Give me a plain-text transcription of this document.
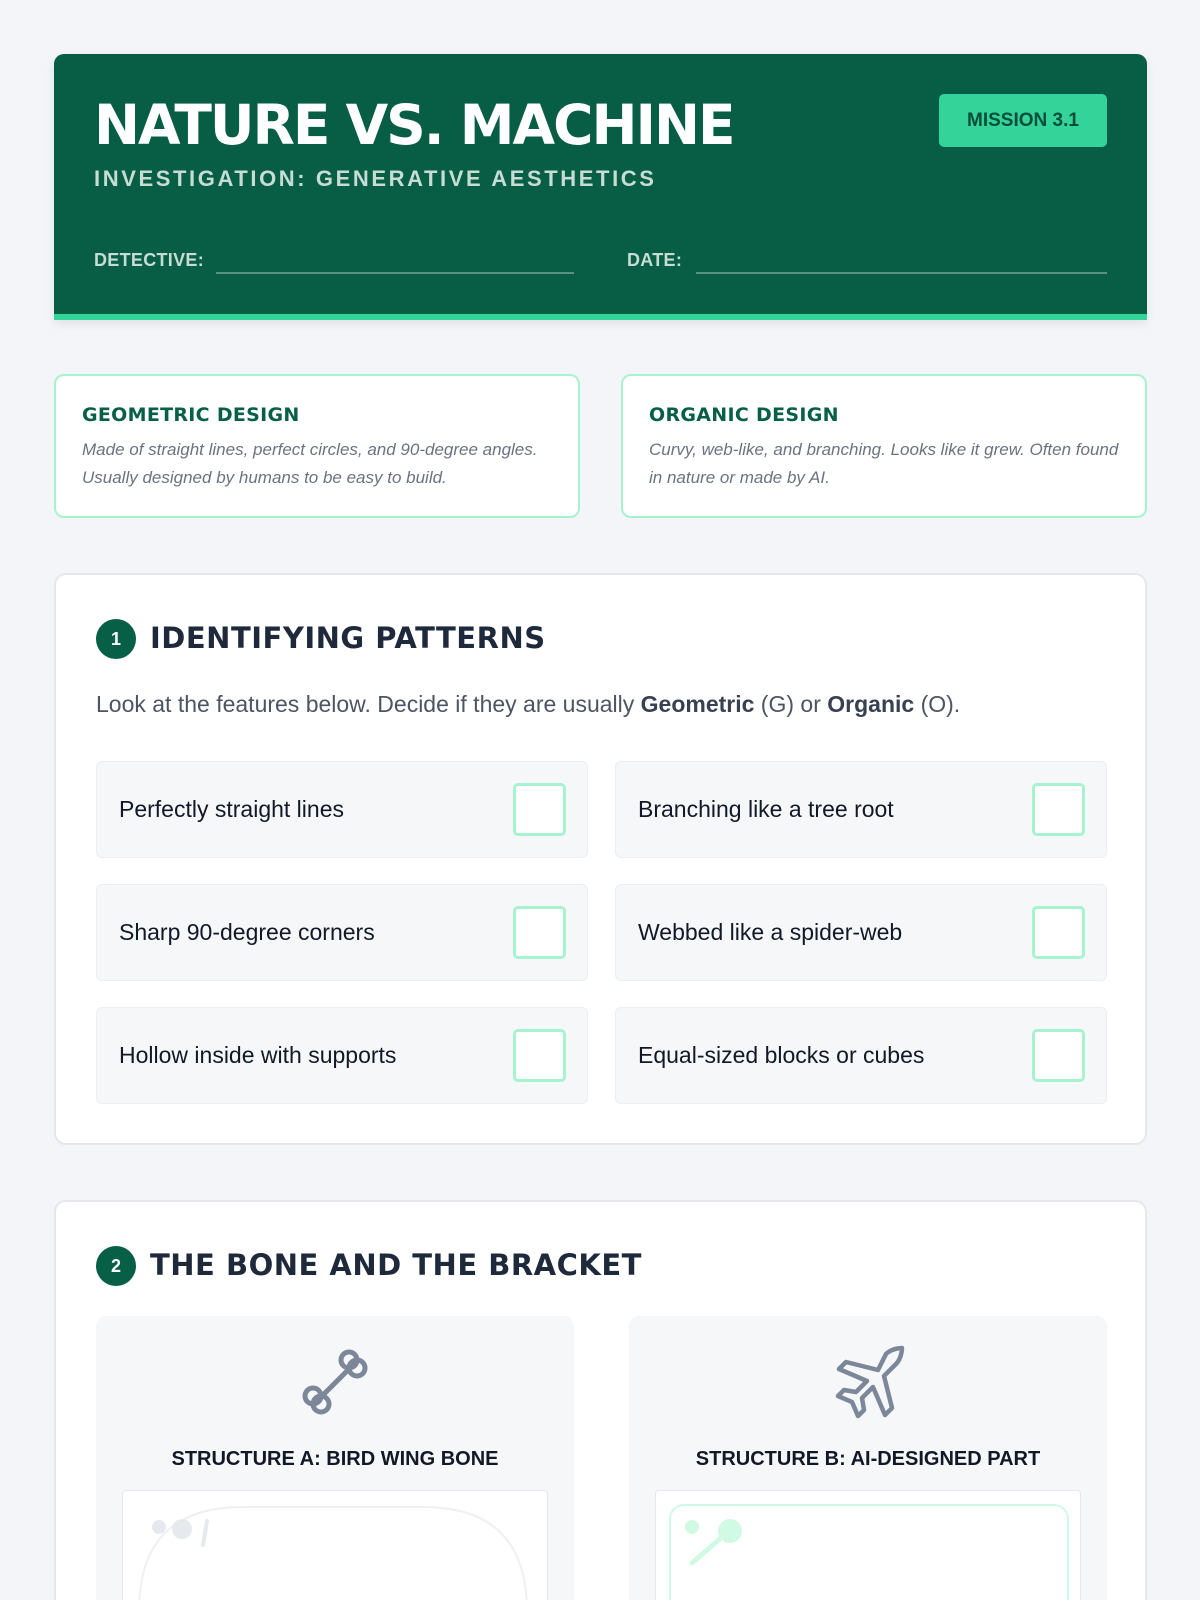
NATURE VS. MACHINE
INVESTIGATION: GENERATIVE AESTHETICS
MISSION 3.1
DETECTIVE:	DATE:
GEOMETRIC DESIGN
Made of straight lines, perfect circles, and 90-degree angles. Usually designed by humans to be easy to build.
ORGANIC DESIGN
Curvy, web-like, and branching. Looks like it grew. Often found in nature or made by AI.
1	IDENTIFYING PATTERNS
Look at the features below. Decide if they are usually Geometric (G) or Organic (O).
Perfectly straight lines	Branching like a tree root
Sharp 90-degree corners	Webbed like a spider-web
Hollow inside with supports	Equal-sized blocks or cubes
2	THE BONE AND THE BRACKET
STRUCTURE A: BIRD WING BONE	STRUCTURE B: AI-DESIGNED PART
